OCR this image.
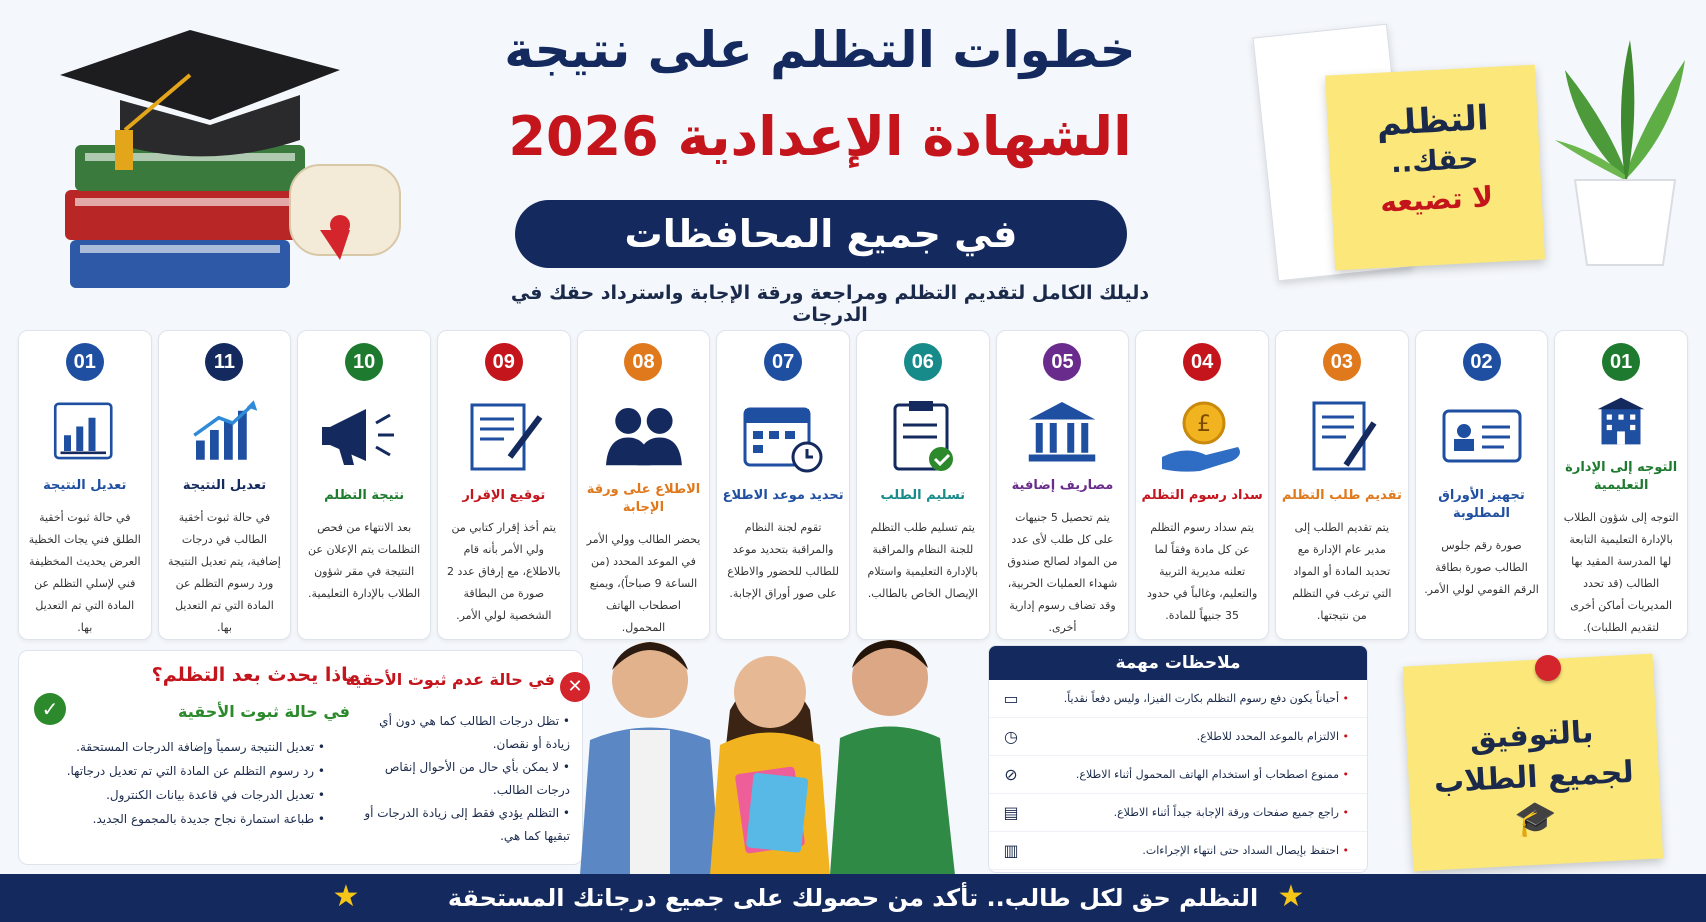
خطوات التظلم على نتيجة
الشهادة الإعدادية 2026
في جميع المحافظات
دليلك الكامل لتقديم التظلم ومراجعة ورقة الإجابة واسترداد حقك في الدرجات
التظلم
حقك..
لا تضيعه
01
التوجه إلى الإدارة التعليمية
التوجه إلى شؤون الطلاب بالإدارة التعليمية التابعة لها المدرسة المقيد بها الطالب (قد تحدد المديريات أماكن أخرى لتقديم الطلبات).
02
تجهيز الأوراق المطلوبة
صورة رقم جلوس الطالب صورة بطاقة الرقم القومي لولي الأمر.
03
تقديم طلب التظلم
يتم تقديم الطلب إلى مدير عام الإدارة مع تحديد المادة أو المواد التي ترغب في التظلم من نتيجتها.
04
£
سداد رسوم التظلم
يتم سداد رسوم التظلم عن كل مادة وفقاً لما تعلنه مديرية التربية والتعليم، وغالباً في حدود 35 جنيهاً للمادة.
05
مصاريف إضافية
يتم تحصيل 5 جنيهات على كل طلب لأى عدد من المواد لصالح صندوق شهداء العمليات الحربية، وقد تضاف رسوم إدارية أخرى.
06
تسليم الطلب
يتم تسليم طلب التظلم للجنة النظام والمراقبة بالإدارة التعليمية واستلام الإيصال الخاص بالطالب.
07
تحديد موعد الاطلاع
تقوم لجنة النظام والمراقبة بتحديد موعد للطالب للحضور والاطلاع على صور أوراق الإجابة.
08
الاطلاع على ورقة الإجابة
يحضر الطالب وولي الأمر في الموعد المحدد (من الساعة 9 صباحاً)، ويمنع اصطحاب الهاتف المحمول.
09
توقيع الإقرار
يتم أخذ إقرار كتابي من ولي الأمر بأنه قام بالاطلاع، مع إرفاق عدد 2 صورة من البطاقة الشخصية لولي الأمر.
10
نتيجة التظلم
بعد الانتهاء من فحص التظلمات يتم الإعلان عن النتيجة في مقر شؤون الطلاب بالإدارة التعليمية.
11
تعديل النتيجة
في حالة ثبوت أخقية الطالب في درجات إضافية، يتم تعديل النتيجة ورد رسوم التظلم عن المادة التي تم التعديل بها.
01
تعديل النتيجة
في حالة ثبوت أخقية الطلق فني يجات الخظية العرض يحديث المخظيفة فني لإسلي التظلم عن المادة التي تم التعديل بها.
ماذا يحدث بعد التظلم؟
✓	في حالة ثبوت الأحقية
• تعديل النتيجة رسمياً وإضافة الدرجات المستحقة.
• رد رسوم التظلم عن المادة التي تم تعديل درجاتها.
• تعديل الدرجات في قاعدة بيانات الكنترول.
• طباعة استمارة نجاح جديدة بالمجموع الجديد.
✕
في حالة عدم ثبوت الأحقية
• تظل درجات الطالب كما هي دون أي زيادة أو نقصان.
• لا يمكن بأي حال من الأحوال إنقاص درجات الطالب.
• التظلم يؤدي فقط إلى زيادة الدرجات أو تبقيها كما هي.
ملاحظات مهمة
• أحياناً يكون دفع رسوم التظلم بكارت الفيزا، وليس دفعاً نقدياً.
▭
• الالتزام بالموعد المحدد للاطلاع.
◷
• ممنوع اصطحاب أو استخدام الهاتف المحمول أثناء الاطلاع.
⊘
• راجع جميع صفحات ورقة الإجابة جيداً أثناء الاطلاع.
▤
• احتفظ بإيصال السداد حتى انتهاء الإجراءات.
▥
بالتوفيق
لجميع الطلاب
🎓
التظلم حق لكل طالب.. تأكد من حصولك على جميع درجاتك المستحقة ★
★
